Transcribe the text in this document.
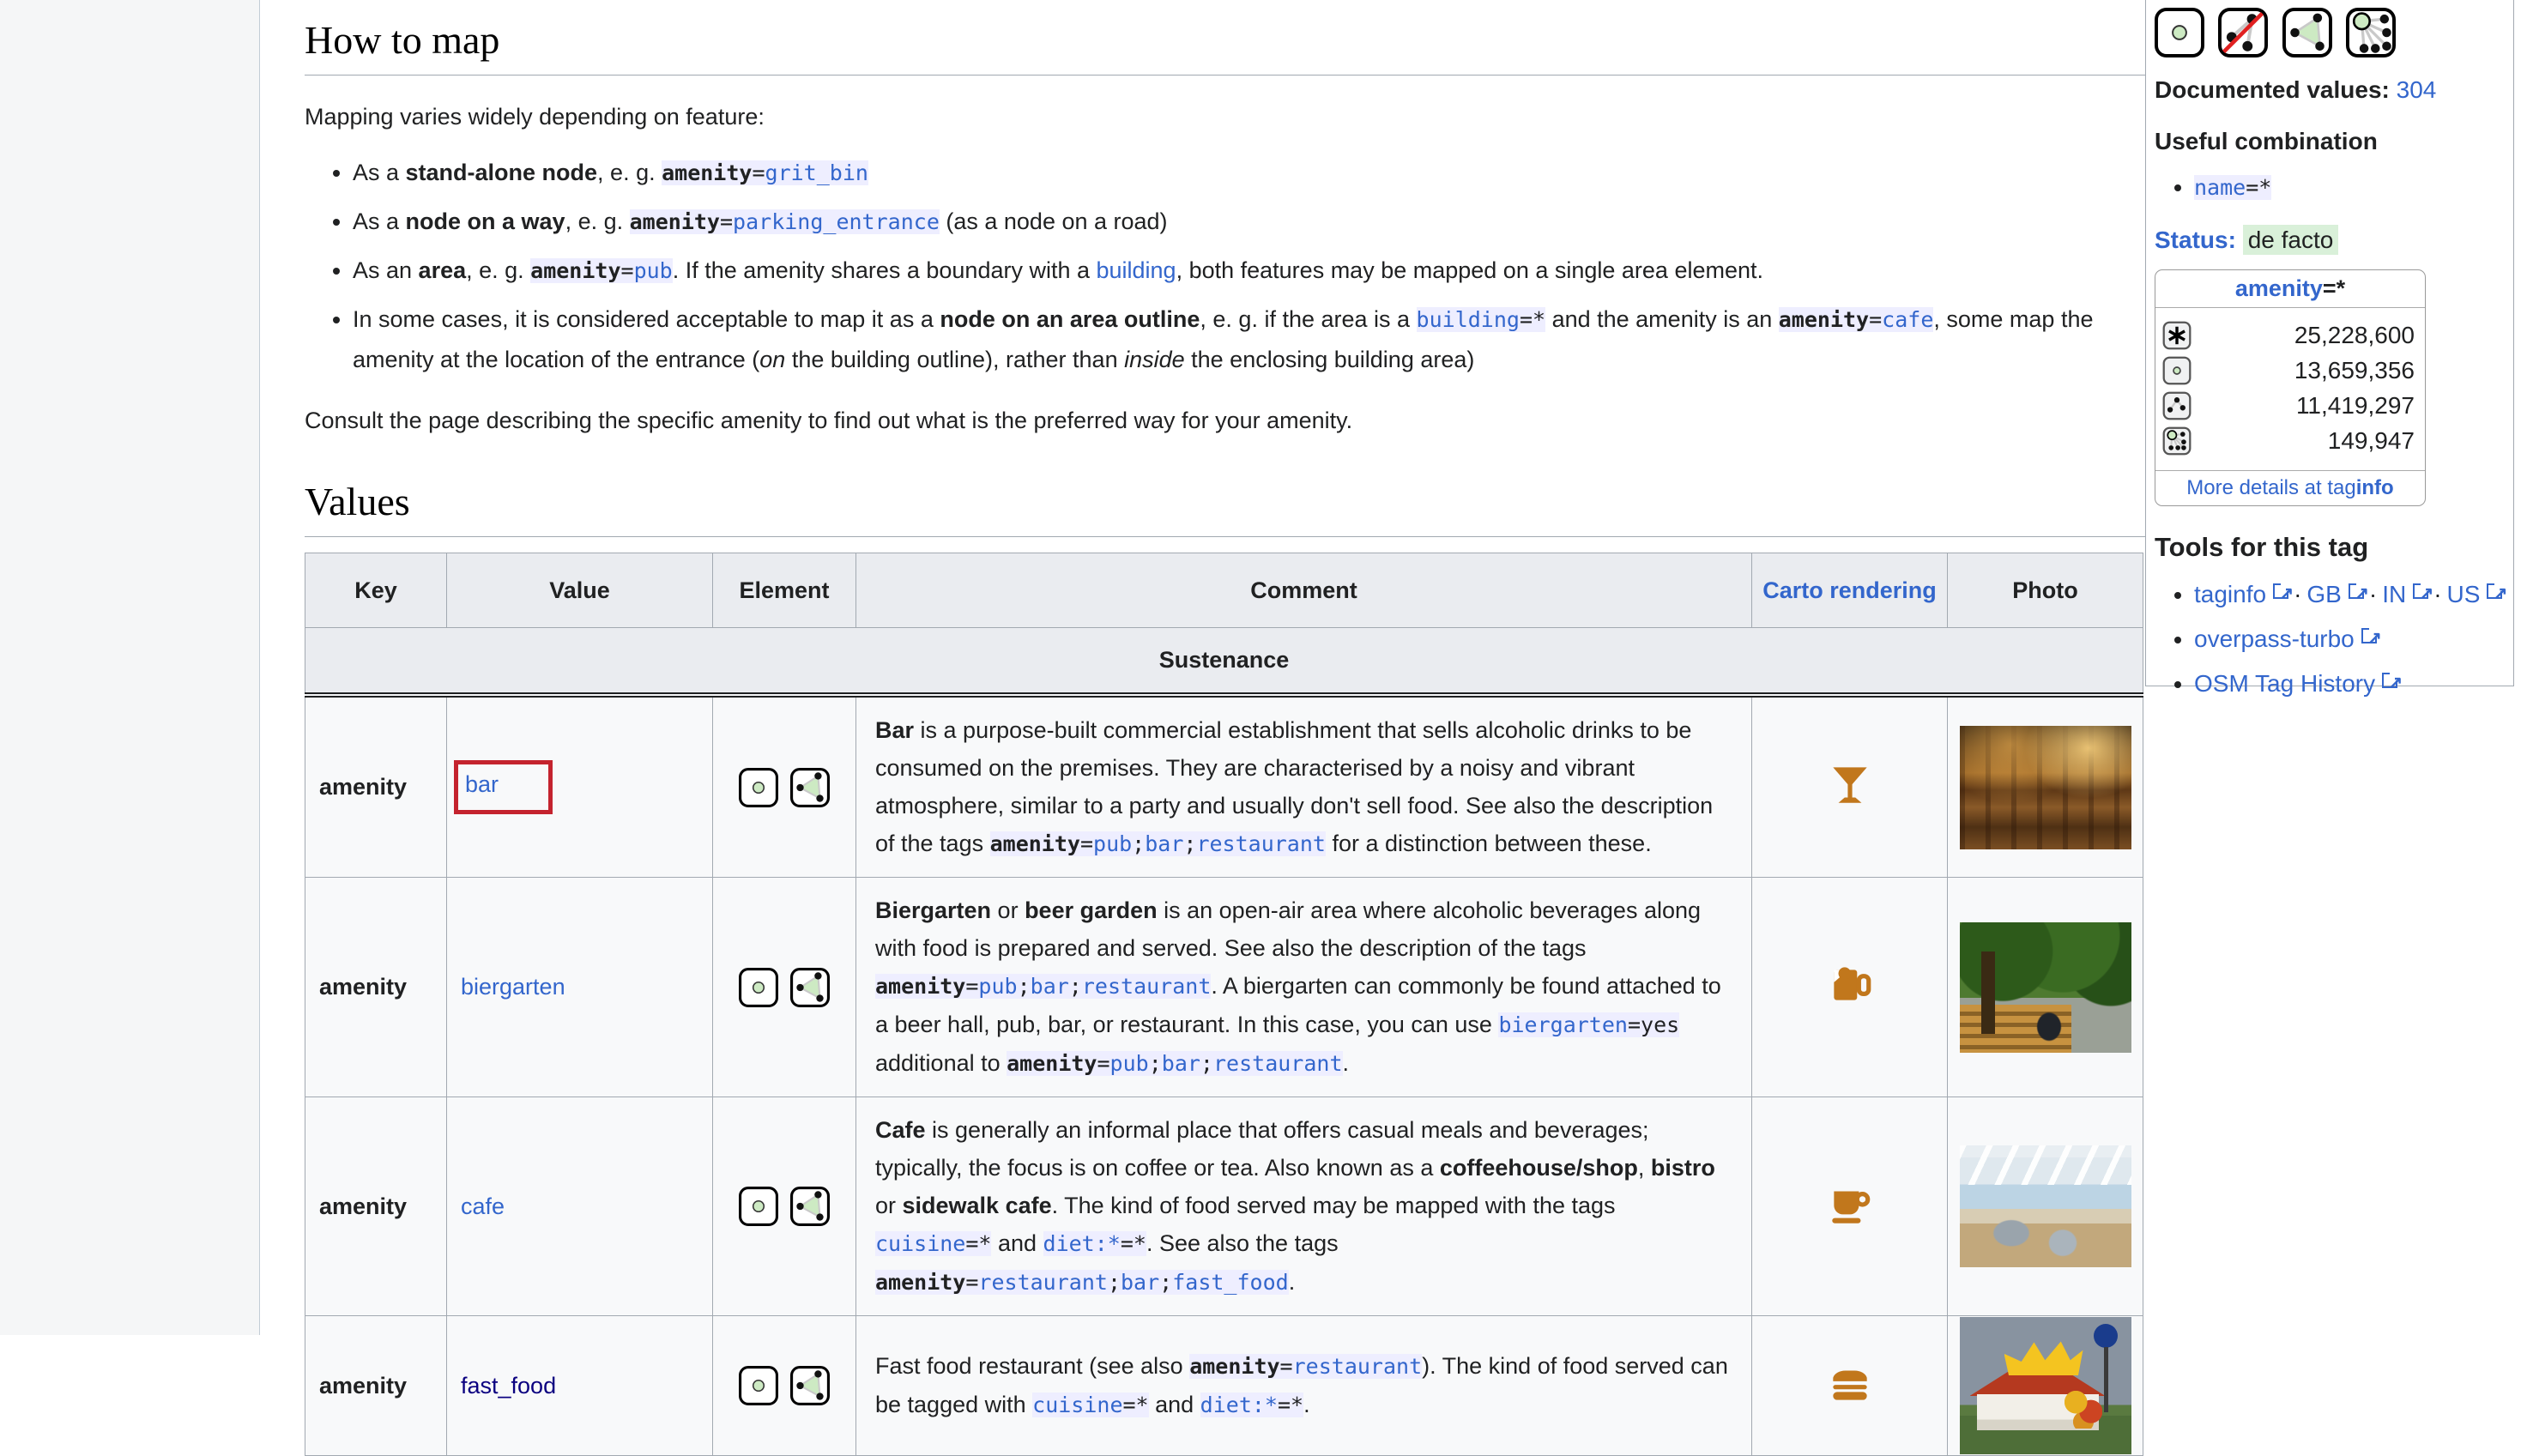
How to map

Mapping varies widely depending on feature:

• As a stand-alone node, e. g. amenity=grit_bin
• As a node on a way, e. g. amenity=parking_entrance (as a node on a road)
• As an area, e. g. amenity=pub. If the amenity shares a boundary with a building, both features may be mapped on a single area element.
• In some cases, it is considered acceptable to map it as a node on an area outline, e. g. if the area is a building=* and the amenity is an amenity=cafe, some map the amenity at the location of the entrance (on the building outline), rather than inside the enclosing building area)

Consult the page describing the specific amenity to find out what is the preferred way for your amenity.

Values
Key	Value	Element	Comment	Carto rendering	Photo
Sustenance					
amenity	bar		Bar is a purpose-built commercial establishment that sells alcoholic drinks to be consumed on the premises. They are characterised by a noisy and vibrant atmosphere, similar to a party and usually don't sell food. See also the description of the tags amenity=pub;bar;restaurant for a distinction between these.		
amenity	biergarten		Biergarten or beer garden is an open-air area where alcoholic beverages along with food is prepared and served. See also the description of the tags amenity=pub;bar;restaurant. A biergarten can commonly be found attached to a beer hall, pub, bar, or restaurant. In this case, you can use biergarten=yes additional to amenity=pub;bar;restaurant.		
amenity	cafe		Cafe is generally an informal place that offers casual meals and beverages; typically, the focus is on coffee or tea. Also known as a coffeehouse/shop, bistro or sidewalk cafe. The kind of food served may be mapped with the tags cuisine=* and diet:*=*. See also the tags amenity=restaurant;bar;fast_food.		
amenity	fast_food		Fast food restaurant (see also amenity=restaurant). The kind of food served can be tagged with cuisine=* and diet:*=*.		

Documented values: 304
Useful combination
• name=*
Status: de facto
amenity=*
25,228,600
13,659,356
11,419,297
149,947
More details at taginfo
Tools for this tag
• taginfo ↗ · GB ↗ · IN ↗ · US↗
• overpass-turbo↗
• OSM Tag History↗
